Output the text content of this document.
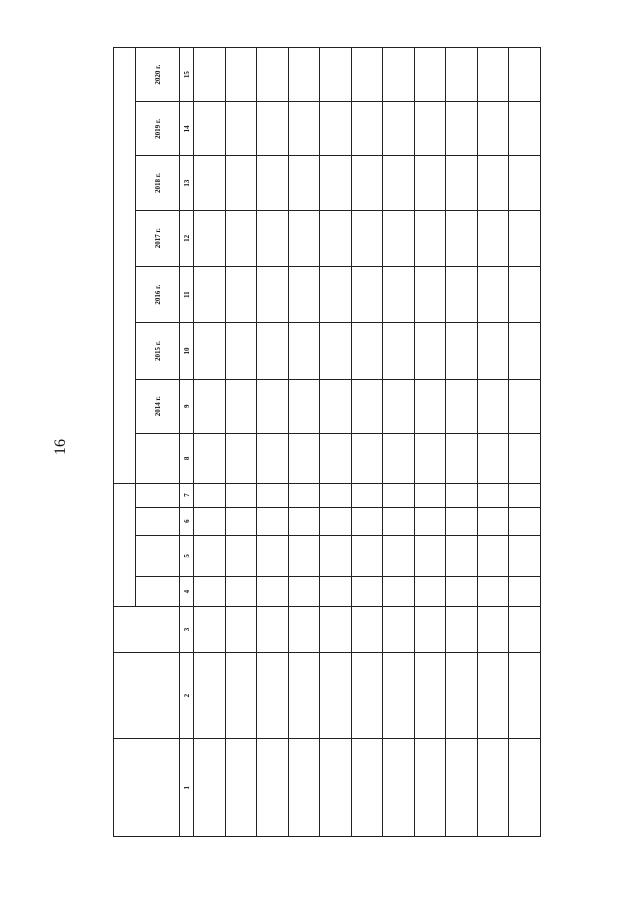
16

								2014 г.	2015 г.	2016 г.	2017 г.	2018 г.	2019 г.	2020 г.

1	2	3	4	5	6	7	8	9	10	11	12	13	14	15
